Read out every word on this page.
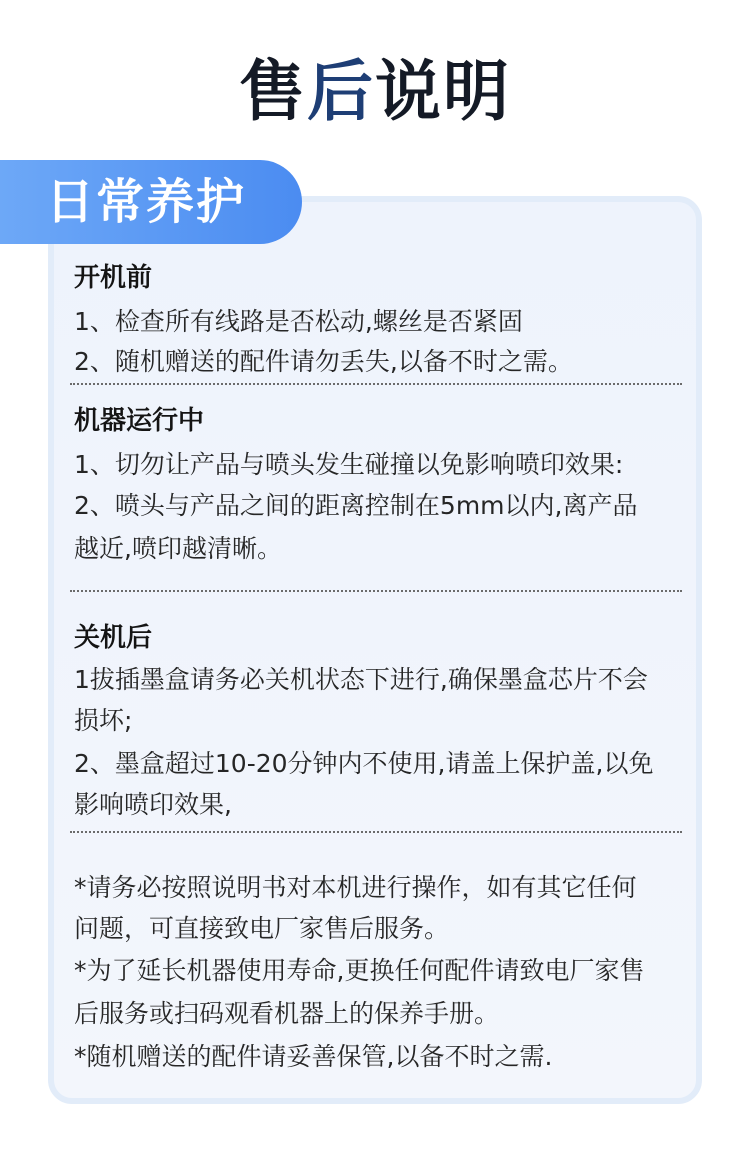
售后说明
日常养护
开机前
1、检查所有线路是否松动,螺丝是否紧固
2、随机赠送的配件请勿丢失,以备不时之需。
机器运行中
1、切勿让产品与喷头发生碰撞以免影响喷印效果:
2、喷头与产品之间的距离控制在5mm以内,离产品
越近,喷印越清晰。
关机后
1拔插墨盒请务必关机状态下进行,确保墨盒芯片不会
损坏;
2、墨盒超过10-20分钟内不使用,请盖上保护盖,以免
影响喷印效果,
*请务必按照说明书对本机进行操作，如有其它任何
问题，可直接致电厂家售后服务。
*为了延长机器使用寿命,更换任何配件请致电厂家售
后服务或扫码观看机器上的保养手册。
*随机赠送的配件请妥善保管,以备不时之需.
